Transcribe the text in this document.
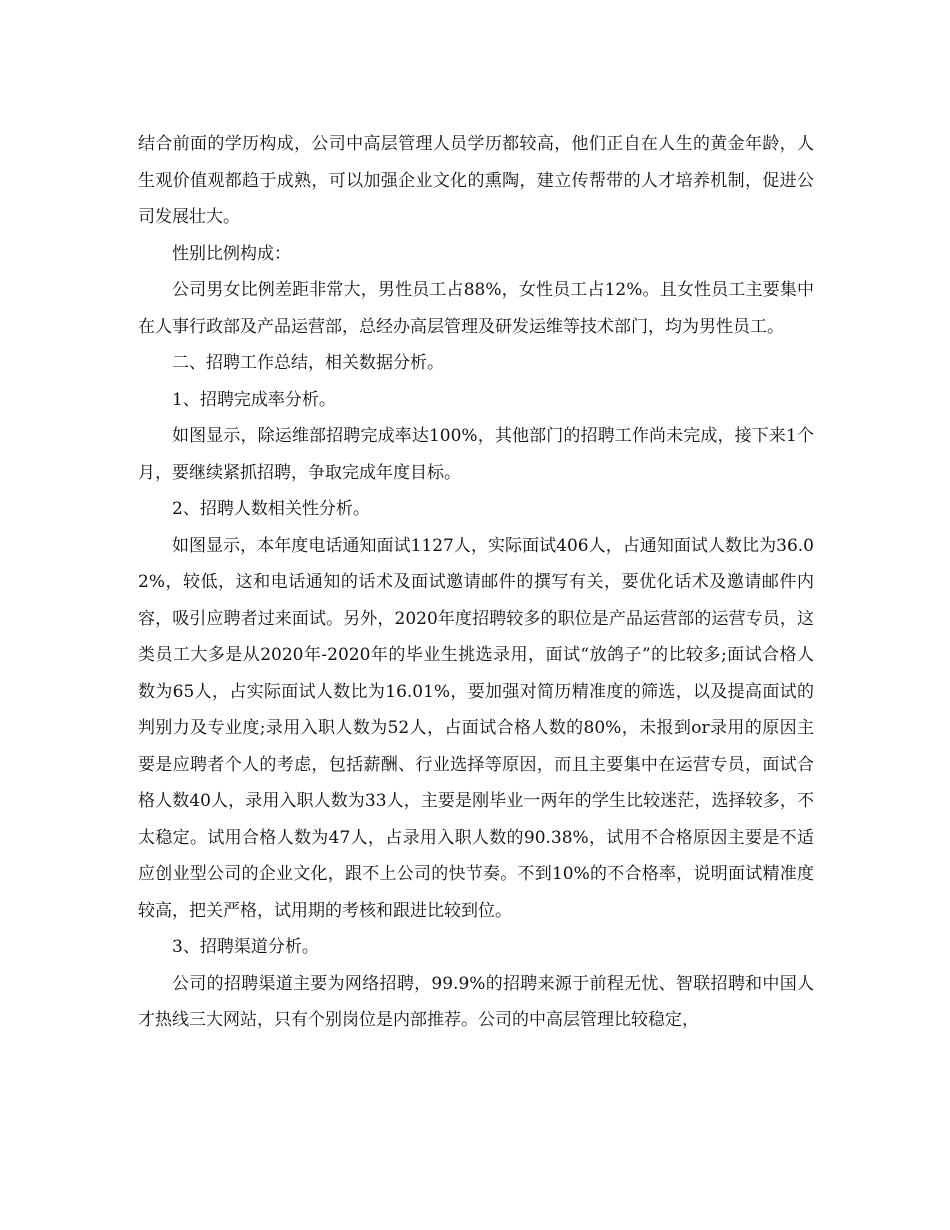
结合前面的学历构成，公司中高层管理人员学历都较高，他们正自在人生的黄金年龄，人生观价值观都趋于成熟，可以加强企业文化的熏陶，建立传帮带的人才培养机制，促进公司发展壮大。

性别比例构成：

公司男女比例差距非常大，男性员工占88%，女性员工占12%。且女性员工主要集中在人事行政部及产品运营部，总经办高层管理及研发运维等技术部门，均为男性员工。

二、招聘工作总结，相关数据分析。

1、招聘完成率分析。

如图显示，除运维部招聘完成率达100%，其他部门的招聘工作尚未完成，接下来1个月，要继续紧抓招聘，争取完成年度目标。

2、招聘人数相关性分析。

如图显示，本年度电话通知面试1127人，实际面试406人，占通知面试人数比为36.02%，较低，这和电话通知的话术及面试邀请邮件的撰写有关，要优化话术及邀请邮件内容，吸引应聘者过来面试。另外，2020年度招聘较多的职位是产品运营部的运营专员，这类员工大多是从2020年-2020年的毕业生挑选录用，面试“放鸽子”的比较多;面试合格人数为65人，占实际面试人数比为16.01%，要加强对简历精准度的筛选，以及提高面试的判别力及专业度;录用入职人数为52人，占面试合格人数的80%，未报到or录用的原因主要是应聘者个人的考虑，包括薪酬、行业选择等原因，而且主要集中在运营专员，面试合格人数40人，录用入职人数为33人，主要是刚毕业一两年的学生比较迷茫，选择较多，不太稳定。试用合格人数为47人，占录用入职人数的90.38%，试用不合格原因主要是不适应创业型公司的企业文化，跟不上公司的快节奏。不到10%的不合格率，说明面试精准度较高，把关严格，试用期的考核和跟进比较到位。

3、招聘渠道分析。

公司的招聘渠道主要为网络招聘，99.9%的招聘来源于前程无忧、智联招聘和中国人才热线三大网站，只有个别岗位是内部推荐。公司的中高层管理比较稳定，
